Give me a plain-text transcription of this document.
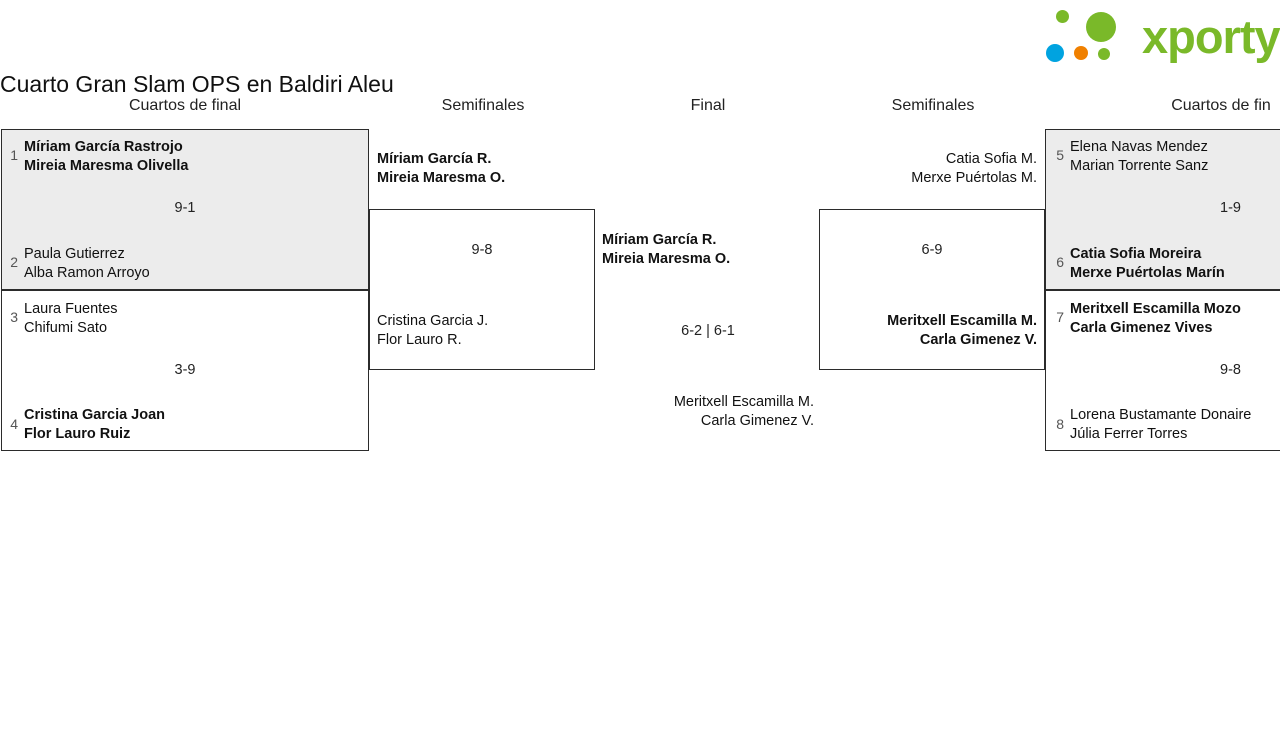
Cuarto Gran Slam OPS en Baldiri Aleu

xporty
Cuartos de final	Semifinales	Final	Semifinales	Cuartos de fin
1 Míriam García Rastrojo
Mireia Maresma Olivella
9-1
2 Paula Gutierrez
Alba Ramon Arroyo
3 Laura Fuentes
Chifumi Sato
3-9
4
Cristina Garcia Joan
Flor Lauro Ruiz
Míriam García R.
Mireia Maresma O.
9-8
Cristina Garcia J.
Flor Lauro R.
Míriam García R.
Mireia Maresma O.
6-2 | 6-1
Meritxell Escamilla M.
Carla Gimenez V.
Catia Sofia M.
Merxe Puértolas M.
6-9
Meritxell Escamilla M.
Carla Gimenez V.
5 Elena Navas Mendez
Marian Torrente Sanz
1-9
6 Catia Sofia Moreira
Merxe Puértolas Marín
7 Meritxell Escamilla Mozo
Carla Gimenez Vives
9-8
8
Lorena Bustamante Donaire
Júlia Ferrer Torres
